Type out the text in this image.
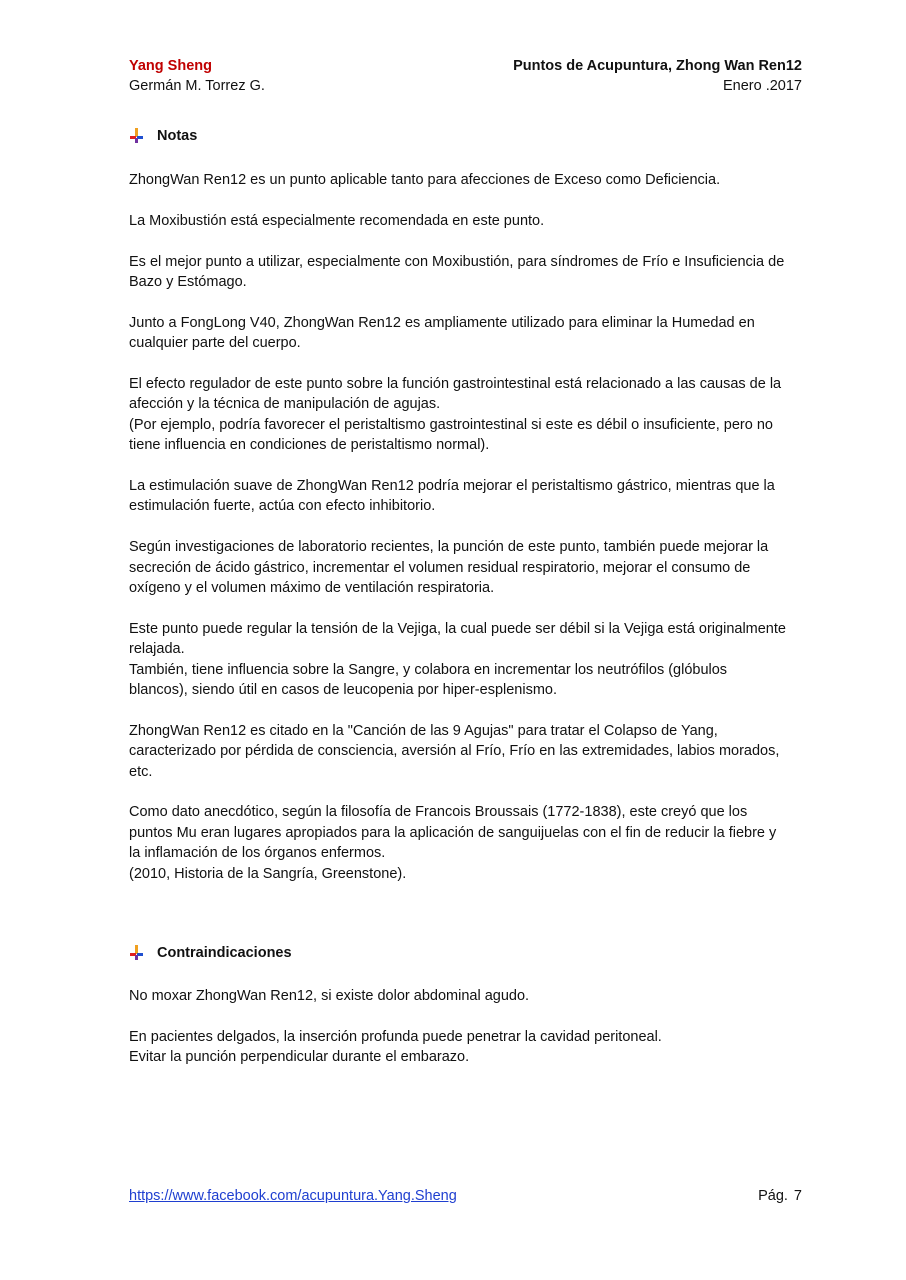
Yang Sheng	Puntos de Acupuntura, Zhong Wan Ren12
Germán M. Torrez G.	Enero .2017
Notas

ZhongWan Ren12 es un punto aplicable tanto para afecciones de Exceso como Deficiencia.

La Moxibustión está especialmente recomendada en este punto.

Es el mejor punto a utilizar, especialmente con Moxibustión, para síndromes de Frío e Insuficiencia de Bazo y Estómago.

Junto a FongLong V40, ZhongWan Ren12 es ampliamente utilizado para eliminar la Humedad en cualquier parte del cuerpo.

El efecto regulador de este punto sobre la función gastrointestinal está relacionado a las causas de la afección y la técnica de manipulación de agujas.

(Por ejemplo, podría favorecer el peristaltismo gastrointestinal si este es débil o insuficiente, pero no tiene influencia en condiciones de peristaltismo normal).

La estimulación suave de ZhongWan Ren12 podría mejorar el peristaltismo gástrico, mientras que la estimulación fuerte, actúa con efecto inhibitorio.

Según investigaciones de laboratorio recientes, la punción de este punto, también puede mejorar la secreción de ácido gástrico, incrementar el volumen residual respiratorio, mejorar el consumo de oxígeno y el volumen máximo de ventilación respiratoria.

Este punto puede regular la tensión de la Vejiga, la cual puede ser débil si la Vejiga está originalmente relajada.

También, tiene influencia sobre la Sangre, y colabora en incrementar los neutrófilos (glóbulos blancos), siendo útil en casos de leucopenia por hiper-esplenismo.

ZhongWan Ren12 es citado en la "Canción de las 9 Agujas" para tratar el Colapso de Yang, caracterizado por pérdida de consciencia, aversión al Frío, Frío en las extremidades, labios morados, etc.

Como dato anecdótico, según la filosofía de Francois Broussais (1772-1838), este creyó que los puntos Mu eran lugares apropiados para la aplicación de sanguijuelas con el fin de reducir la fiebre y la inflamación de los órganos enfermos.

(2010, Historia de la Sangría, Greenstone).

Contraindicaciones

No moxar ZhongWan Ren12, si existe dolor abdominal agudo.

En pacientes delgados, la inserción profunda puede penetrar la cavidad peritoneal.

Evitar la punción perpendicular durante el embarazo.

https://www.facebook.com/acupuntura.Yang.Sheng	Pág. 7
